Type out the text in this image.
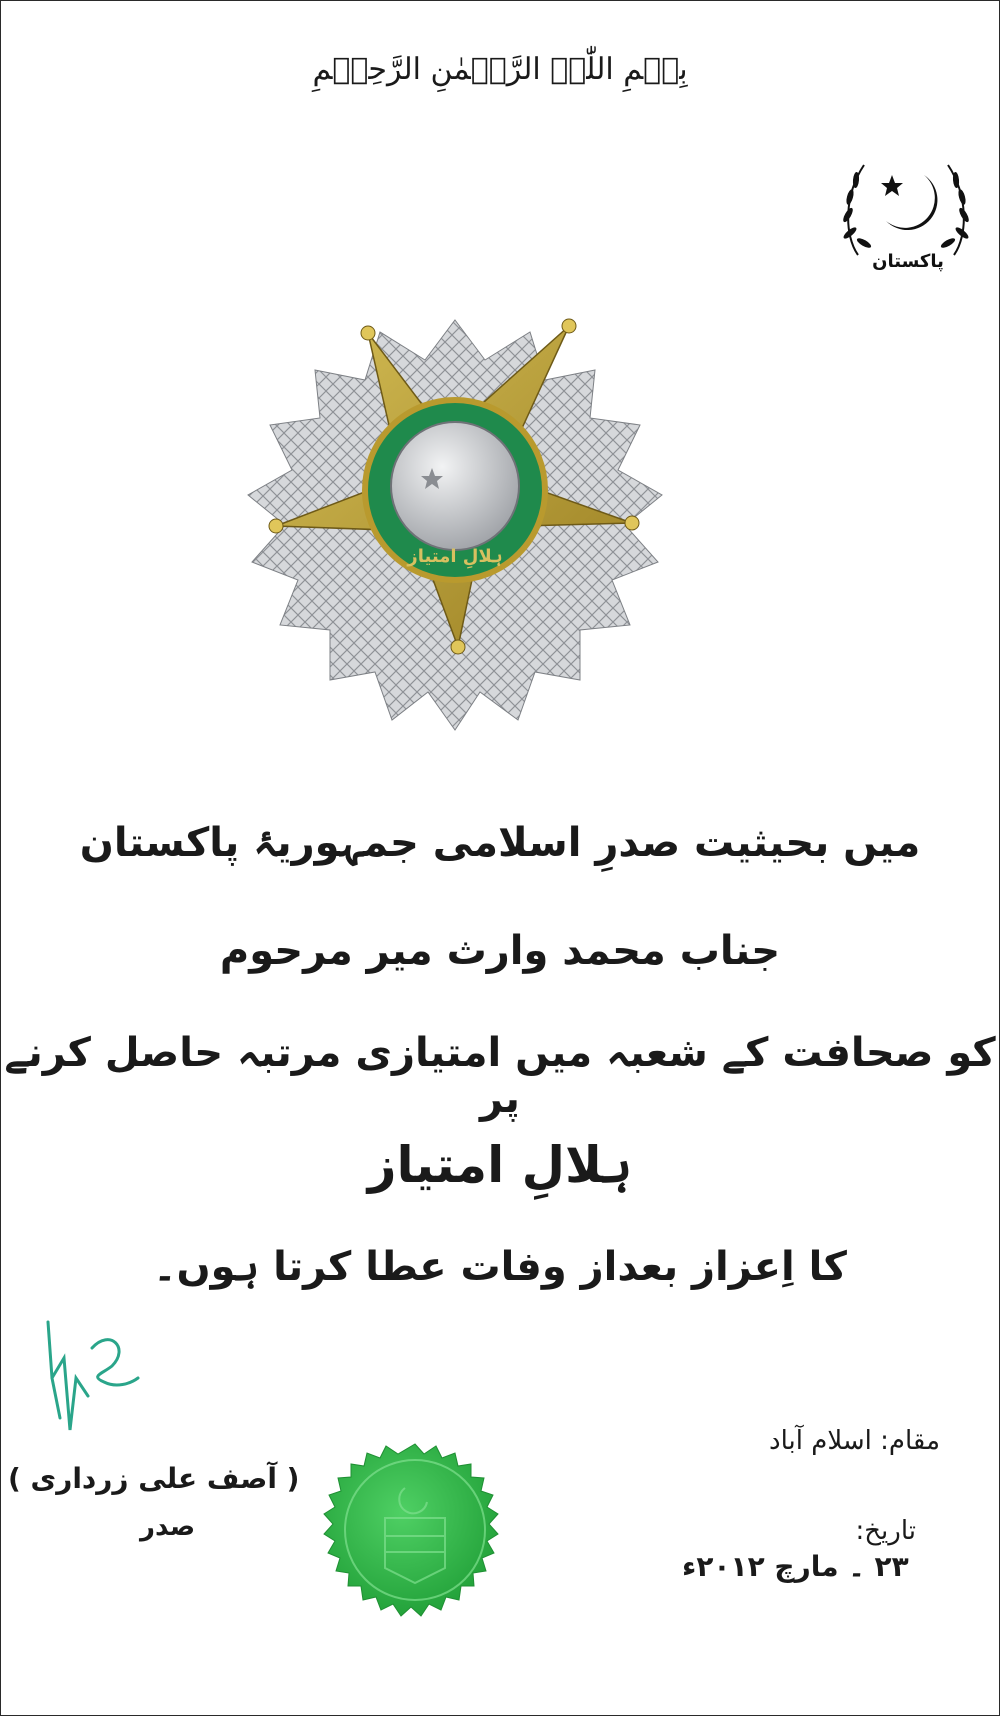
بِسۡمِ اللّٰہِ الرَّحۡمٰنِ الرَّحِیۡمِ
پاکستان
ہلالِ امتیاز
میں بحیثیت صدرِ اسلامی جمہوریۂ پاکستان
جناب محمد وارث میر مرحوم
کو صحافت کے شعبہ میں امتیازی مرتبہ حاصل کرنے پر
ہلالِ امتیاز
کا اِعزاز بعداز وفات عطا کرتا ہوں۔
( آصف علی زرداری )
صدر
مقام: اسلام آباد
تاریخ:
۲۳ ۔ مارچ ۲۰۱۲ء
